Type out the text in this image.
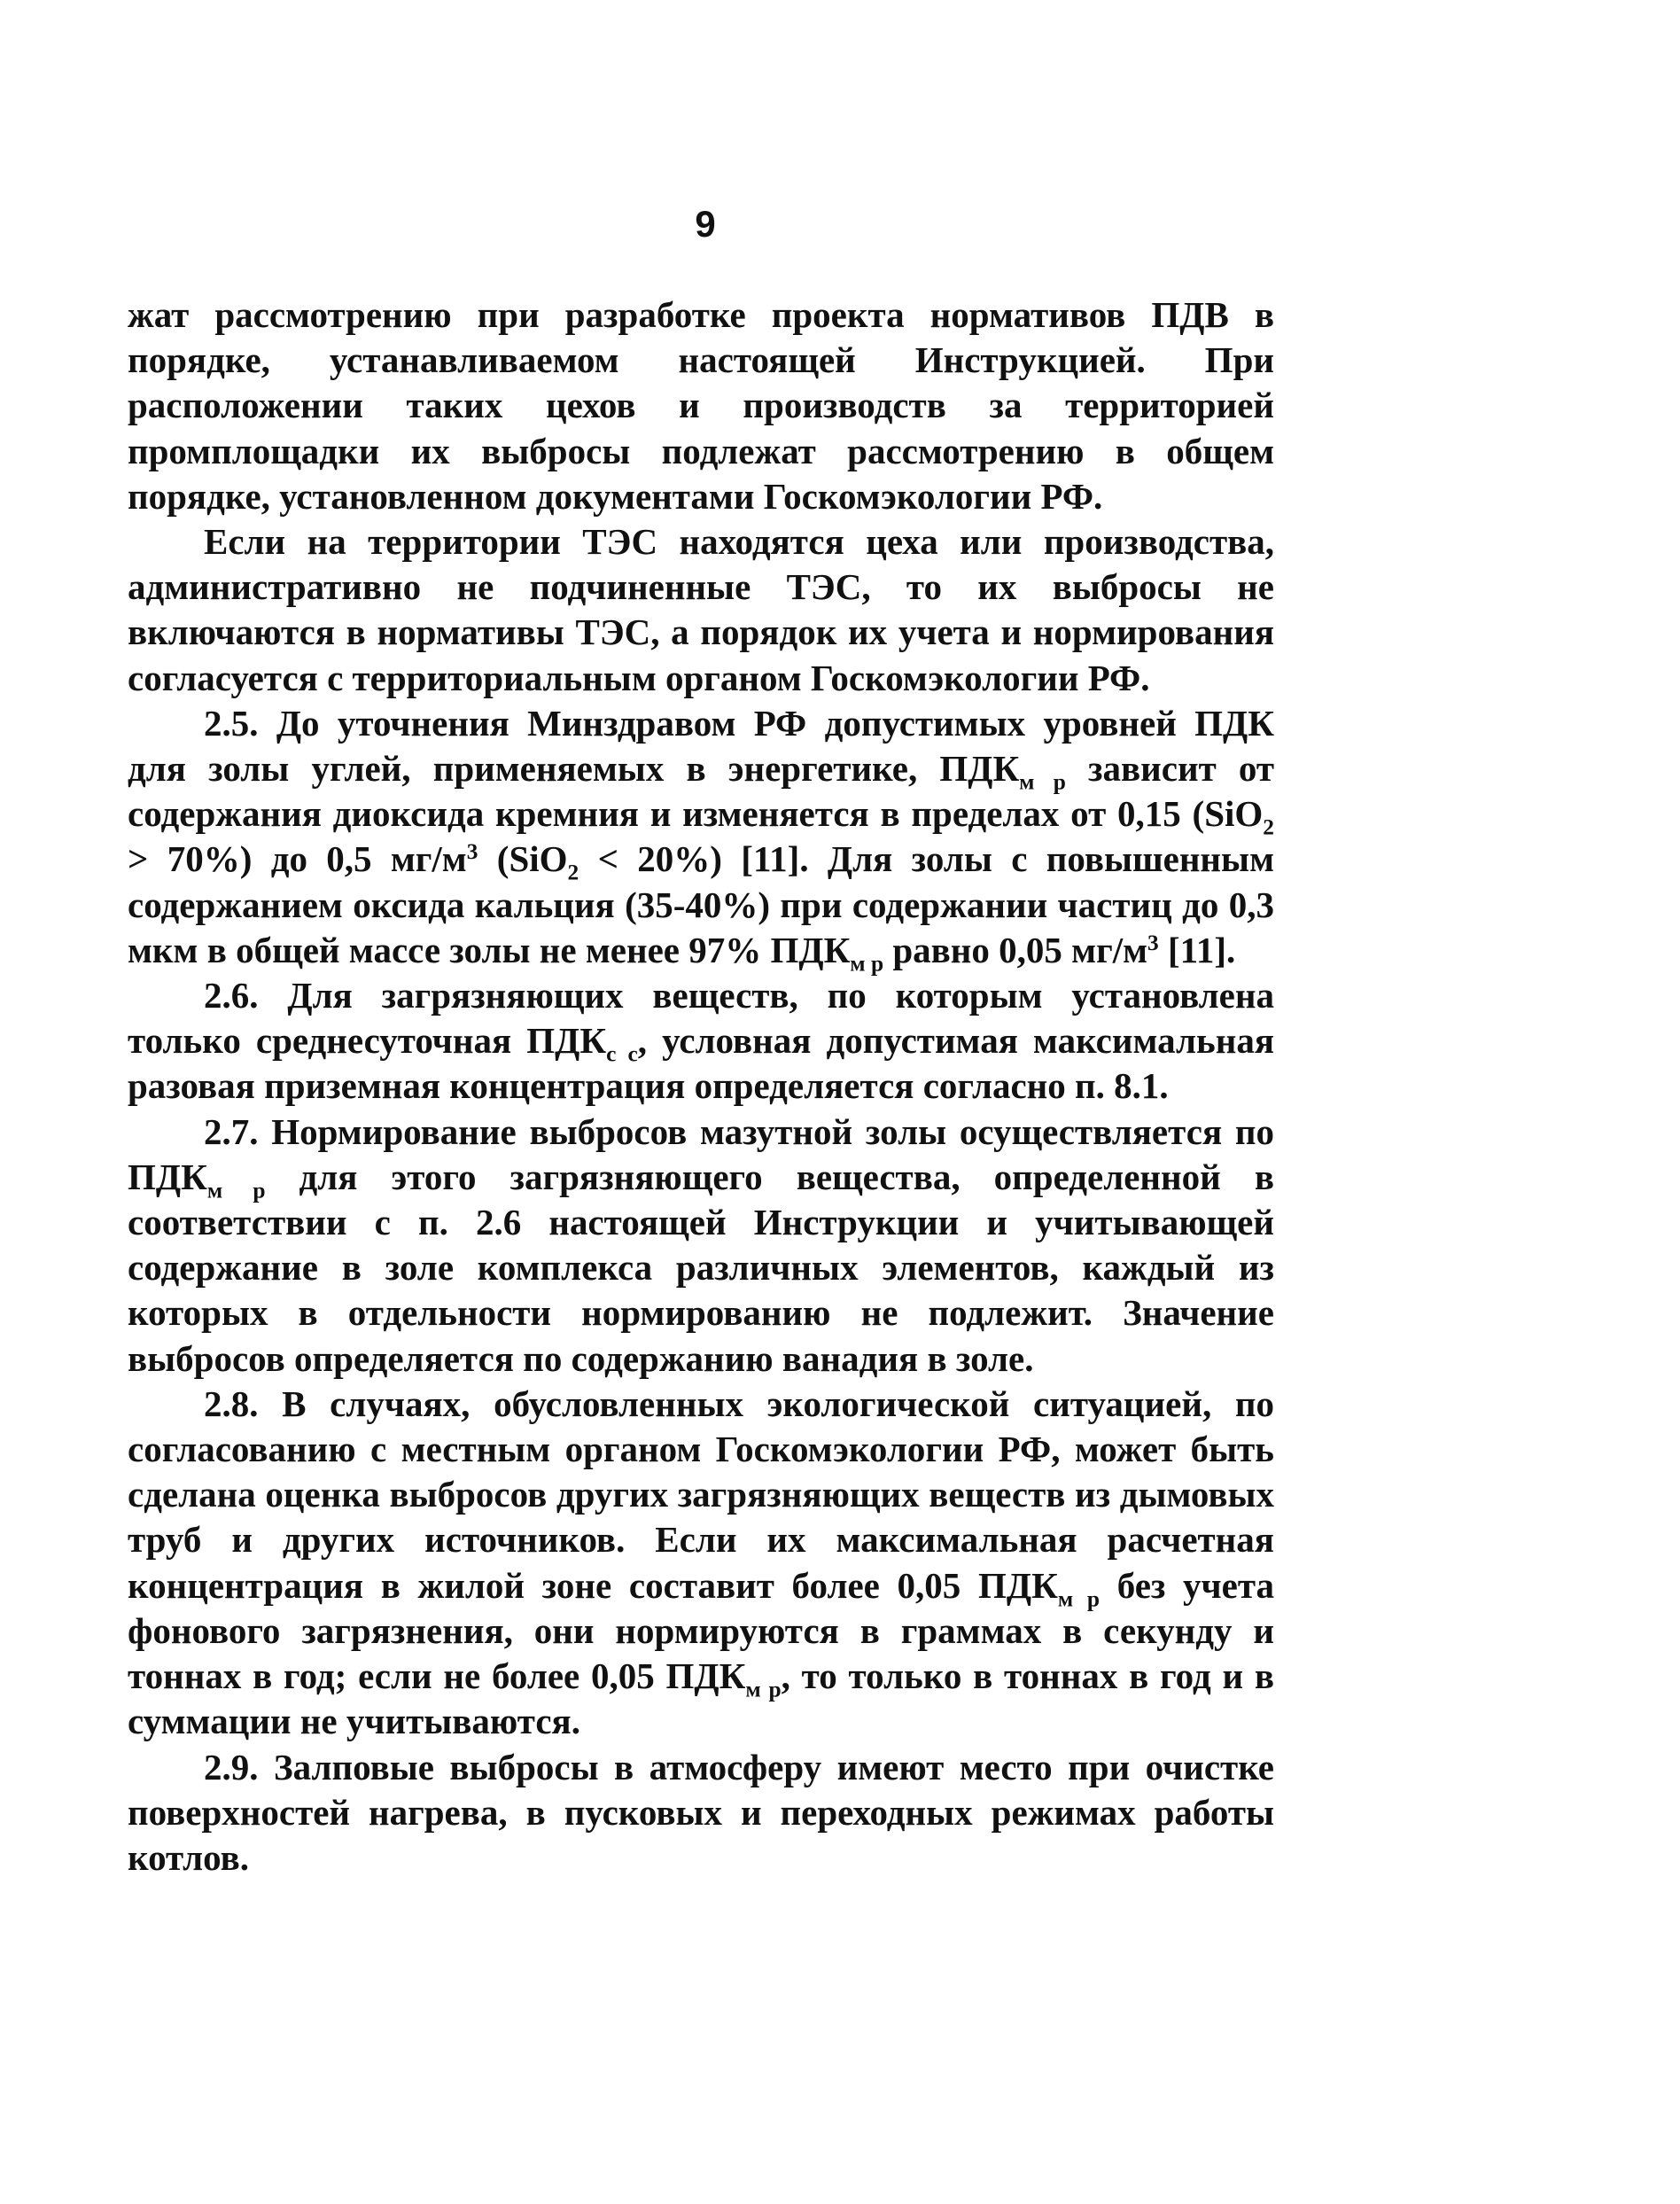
9

жат рассмотрению при разработке проекта нормативов ПДВ в порядке, устанавливаемом настоящей Инструкцией. При расположении таких цехов и производств за территорией промплощадки их выбросы подлежат рассмотрению в общем порядке, установленном документами Госкомэкологии РФ.

Если на территории ТЭС находятся цеха или производства, административно не подчиненные ТЭС, то их выбросы не включаются в нормативы ТЭС, а порядок их учета и нормирования согласуется с территориальным органом Госкомэкологии РФ.

2.5. До уточнения Минздравом РФ допустимых уровней ПДК для золы углей, применяемых в энергетике, $ПДК_{м р}$ зависит от содержания диоксида кремния и изменяется в пределах от 0,15 (SiO$_2$ > 70%) до 0,5 $мг/м^3$ (SiO$_2$ < 20%) [11]. Для золы с повышенным содержанием оксида кальция (35-40%) при содержании частиц до 0,3 мкм в общей массе золы не менее 97% $ПДК_{м р}$ равно 0,05 $мг/м^3$ [11].

2.6. Для загрязняющих веществ, по которым установлена только среднесуточная $ПДК_{с с}$, условная допустимая максимальная разовая приземная концентрация определяется согласно п. 8.1.

2.7. Нормирование выбросов мазутной золы осуществляется по $ПДК_{м р}$ для этого загрязняющего вещества, определенной в соответствии с п. 2.6 настоящей Инструкции и учитывающей содержание в золе комплекса различных элементов, каждый из которых в отдельности нормированию не подлежит. Значение выбросов определяется по содержанию ванадия в золе.

2.8. В случаях, обусловленных экологической ситуацией, по согласованию с местным органом Госкомэкологии РФ, может быть сделана оценка выбросов других загрязняющих веществ из дымовых труб и других источников. Если их максимальная расчетная концентрация в жилой зоне составит более 0,05 $ПДК_{м р}$ без учета фонового загрязнения, они нормируются в граммах в секунду и тоннах в год; если не более 0,05 $ПДК_{м р}$, то только в тоннах в год и в суммации не учитываются.

2.9. Залповые выбросы в атмосферу имеют место при очистке поверхностей нагрева, в пусковых и переходных режимах работы котлов.
